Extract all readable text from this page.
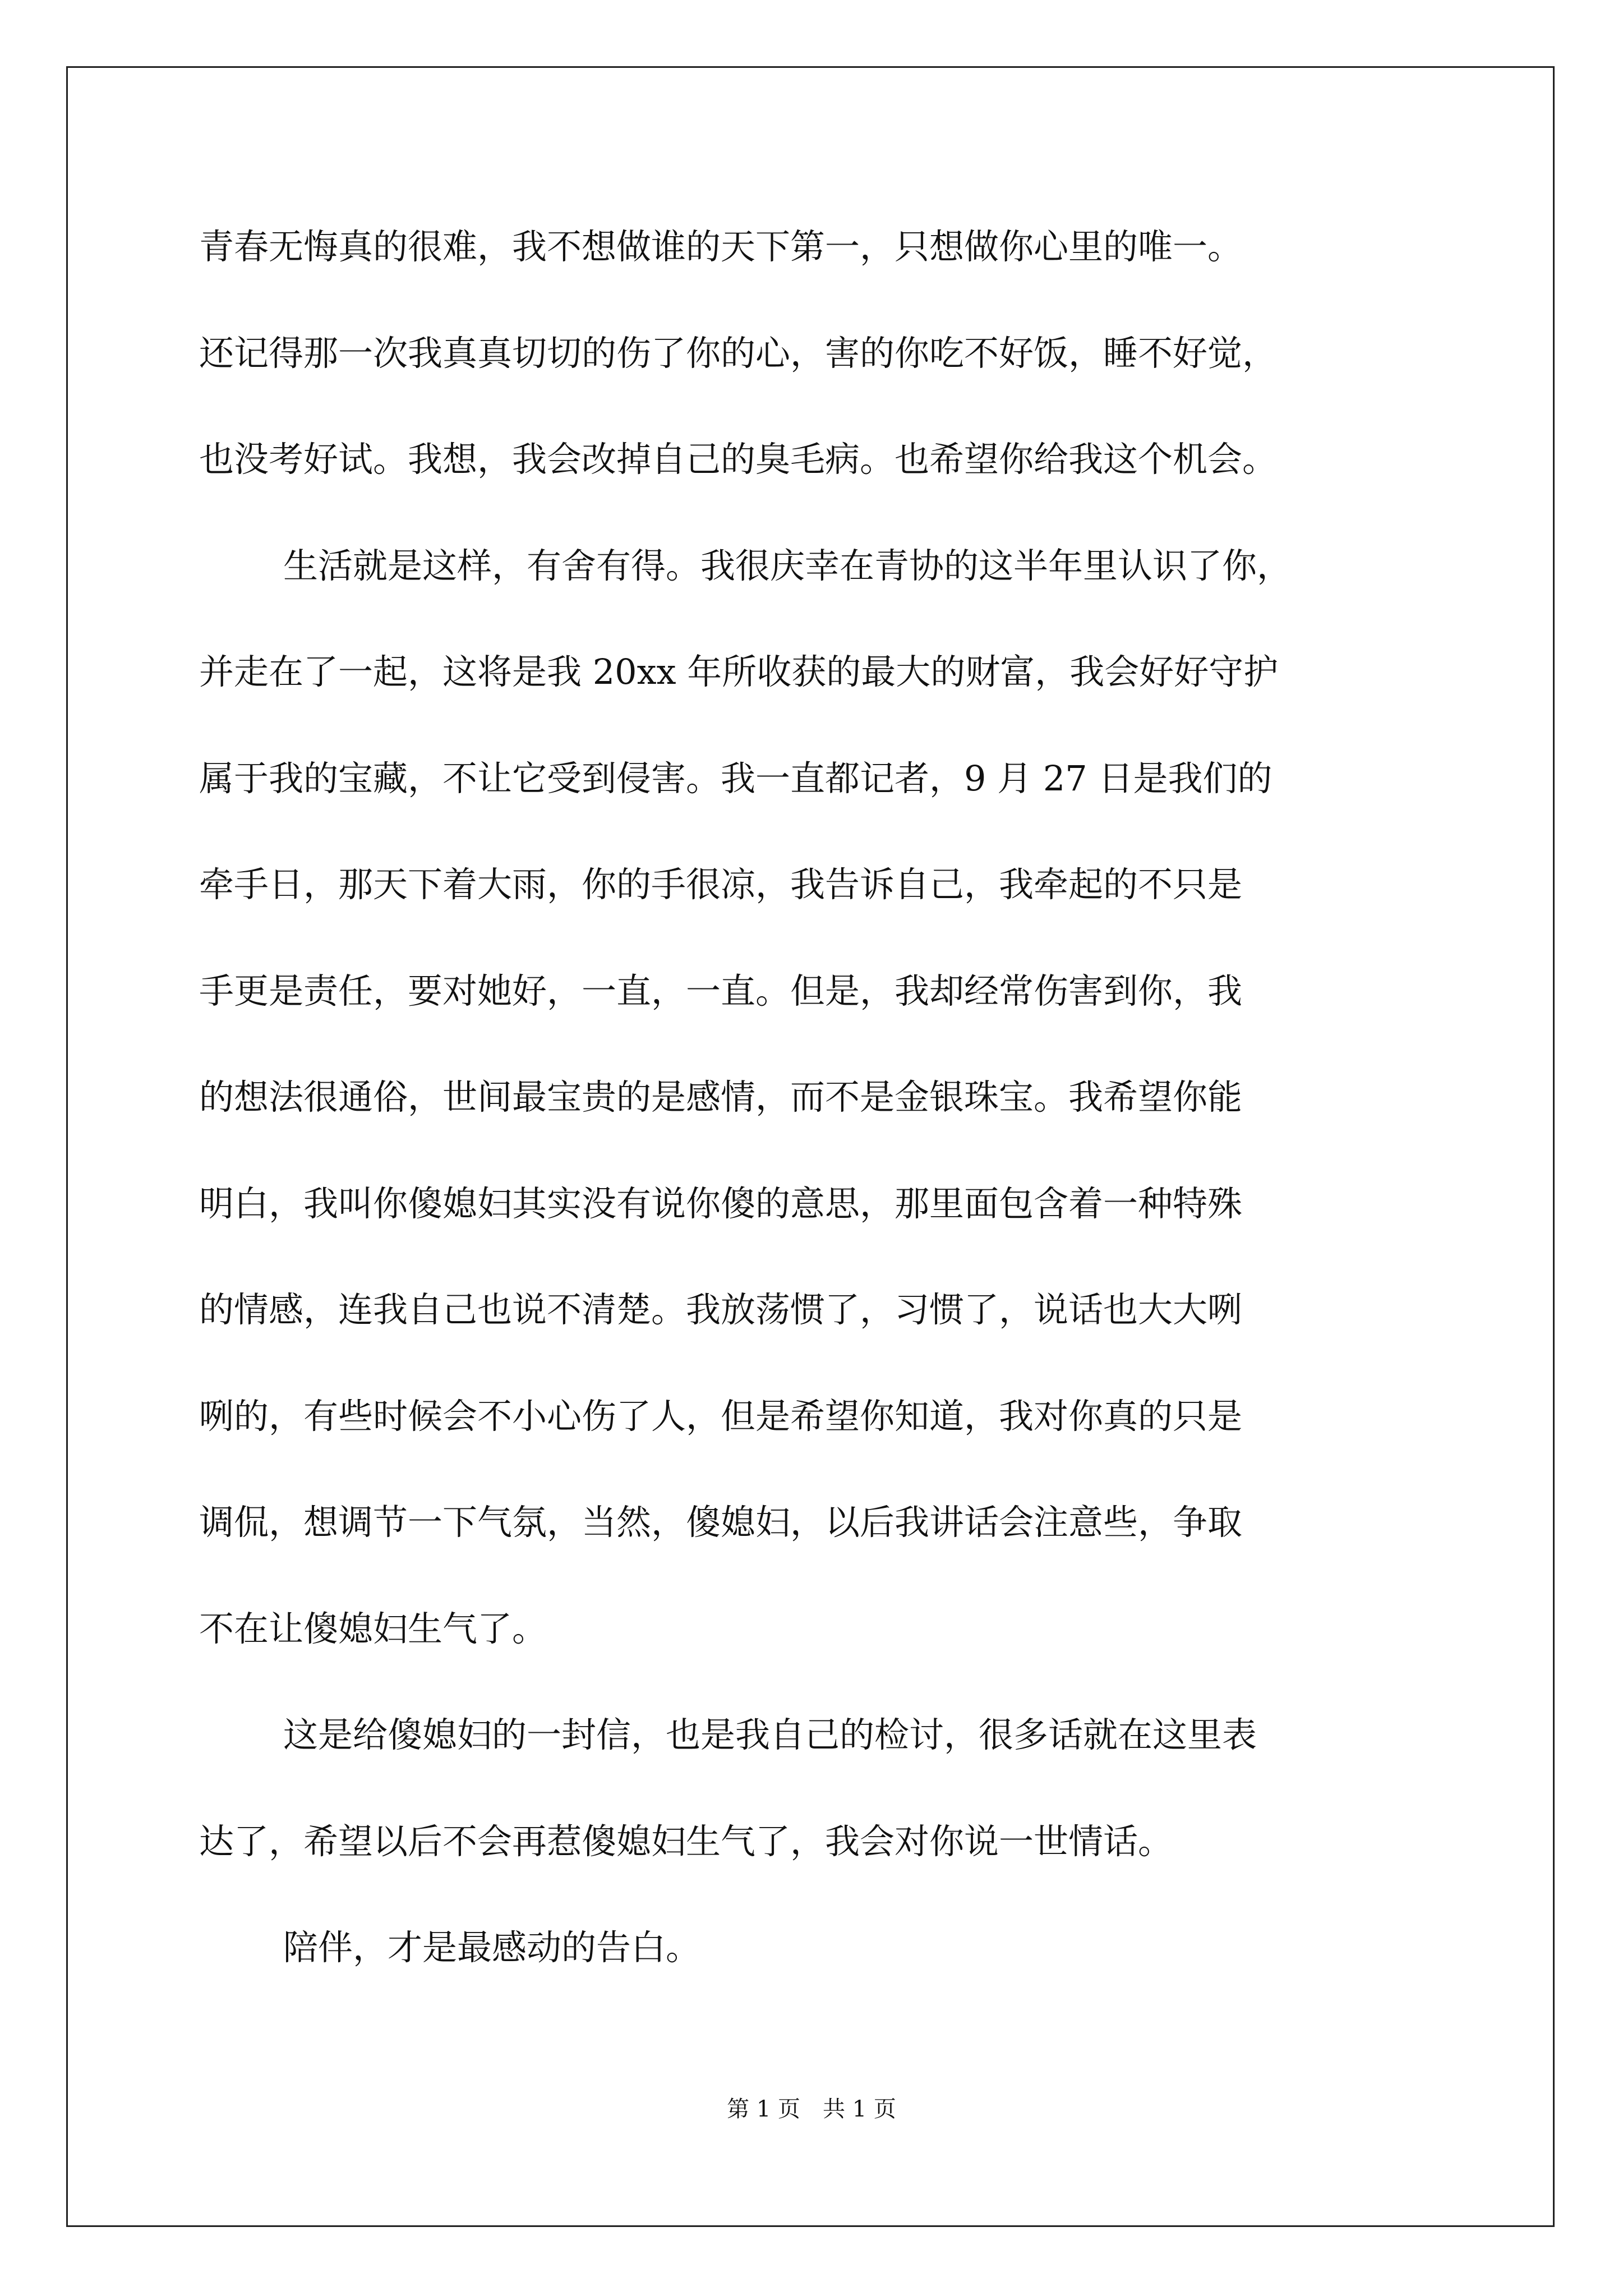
青春无悔真的很难，我不想做谁的天下第一，只想做你心里的唯一。
还记得那一次我真真切切的伤了你的心，害的你吃不好饭，睡不好觉，
也没考好试。我想，我会改掉自己的臭毛病。也希望你给我这个机会。
生活就是这样，有舍有得。我很庆幸在青协的这半年里认识了你，
并走在了一起，这将是我 20xx 年所收获的最大的财富，我会好好守护
属于我的宝藏，不让它受到侵害。我一直都记者，9 月 27 日是我们的
牵手日，那天下着大雨，你的手很凉，我告诉自己，我牵起的不只是
手更是责任，要对她好，一直，一直。但是，我却经常伤害到你，我
的想法很通俗，世间最宝贵的是感情，而不是金银珠宝。我希望你能
明白，我叫你傻媳妇其实没有说你傻的意思，那里面包含着一种特殊
的情感，连我自己也说不清楚。我放荡惯了，习惯了，说话也大大咧
咧的，有些时候会不小心伤了人，但是希望你知道，我对你真的只是
调侃，想调节一下气氛，当然，傻媳妇，以后我讲话会注意些，争取
不在让傻媳妇生气了。
这是给傻媳妇的一封信，也是我自己的检讨，很多话就在这里表
达了，希望以后不会再惹傻媳妇生气了，我会对你说一世情话。
陪伴，才是最感动的告白。
第 1 页　共 1 页
